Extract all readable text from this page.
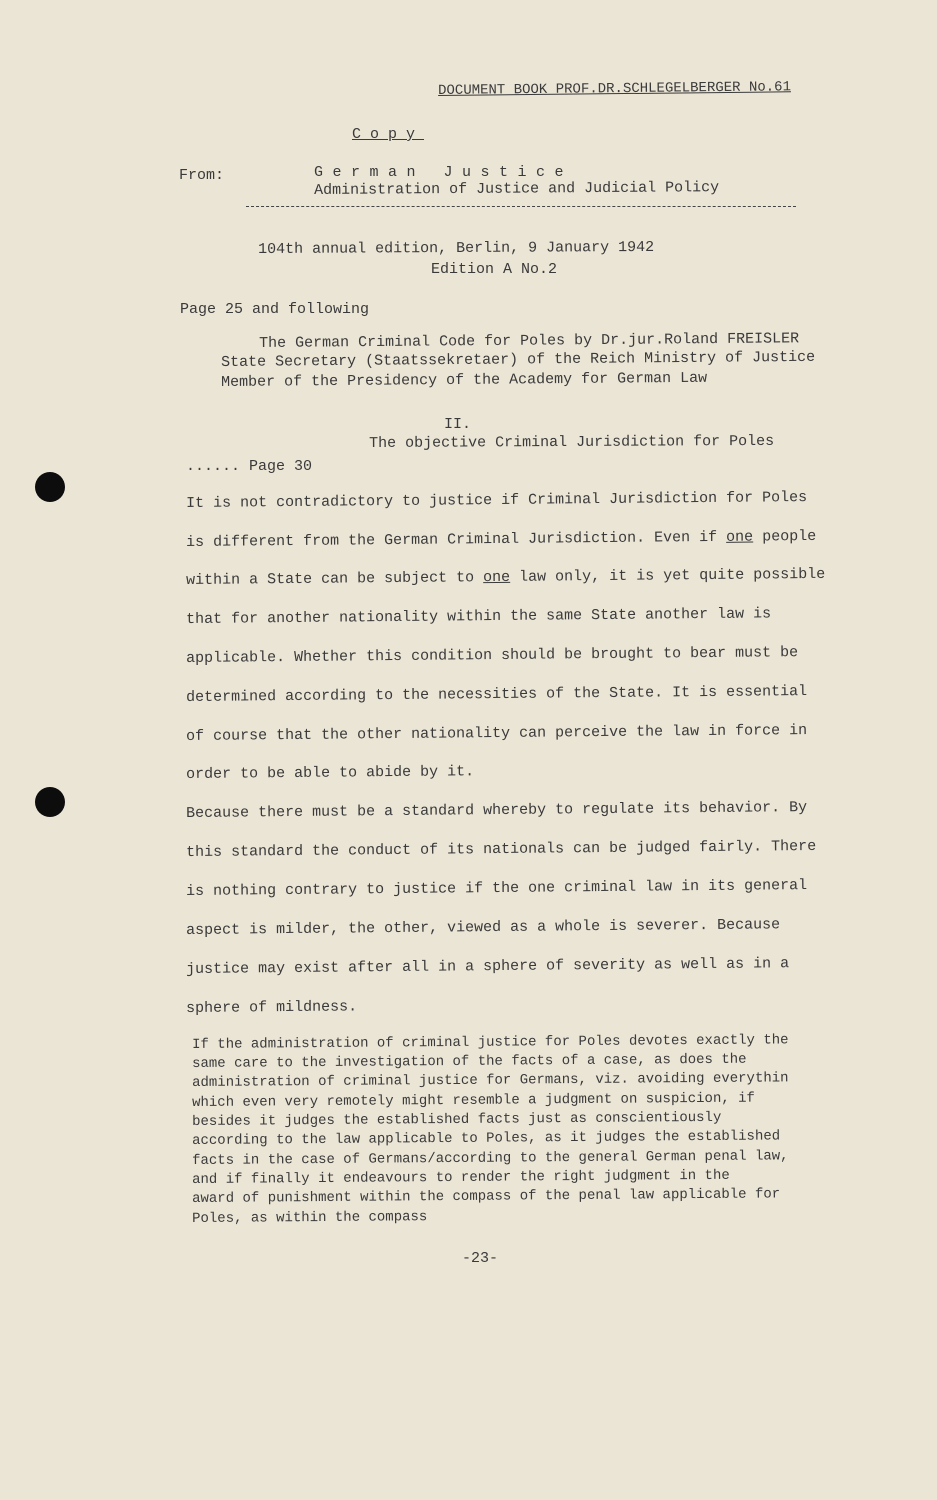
DOCUMENT BOOK PROF.DR.SCHLEGELBERGER No.61
Copy
From:	German Justice
Administration of Justice and Judicial Policy
104th annual edition, Berlin, 9 January 1942
Edition A No.2
Page 25 and following
The German Criminal Code for Poles by Dr.jur.Roland FREISLER
State Secretary (Staatssekretaer) of the Reich Ministry of Justice
Member of the Presidency of the Academy for German Law
II.
The objective Criminal Jurisdiction for Poles
...... Page 30
It is not contradictory to justice if Criminal Jurisdiction for Poles
is different from the German Criminal Jurisdiction. Even if one people
within a State can be subject to one law only, it is yet quite possible
that for another nationality within the same State another law is
applicable. Whether this condition should be brought to bear must be
determined according to the necessities of the State. It is essential
of course that the other nationality can perceive the law in force in
order to be able to abide by it.
Because there must be a standard whereby to regulate its behavior. By
this standard the conduct of its nationals can be judged fairly. There
is nothing contrary to justice if the one criminal law in its general
aspect is milder, the other, viewed as a whole is severer. Because
justice may exist after all in a sphere of severity as well as in a
sphere of mildness.
If the administration of criminal justice for Poles devotes exactly the
same care to the investigation of the facts of a case, as does the
administration of criminal justice for Germans, viz. avoiding everythin
which even very remotely might resemble a judgment on suspicion, if
besides it judges the established facts just as conscientiously
according to the law applicable to Poles, as it judges the established
facts in the case of Germans/according to the general German penal law,
and if finally it endeavours to render the right judgment in the
award of punishment within the compass of the penal law applicable for
Poles, as within the compass
-23-
